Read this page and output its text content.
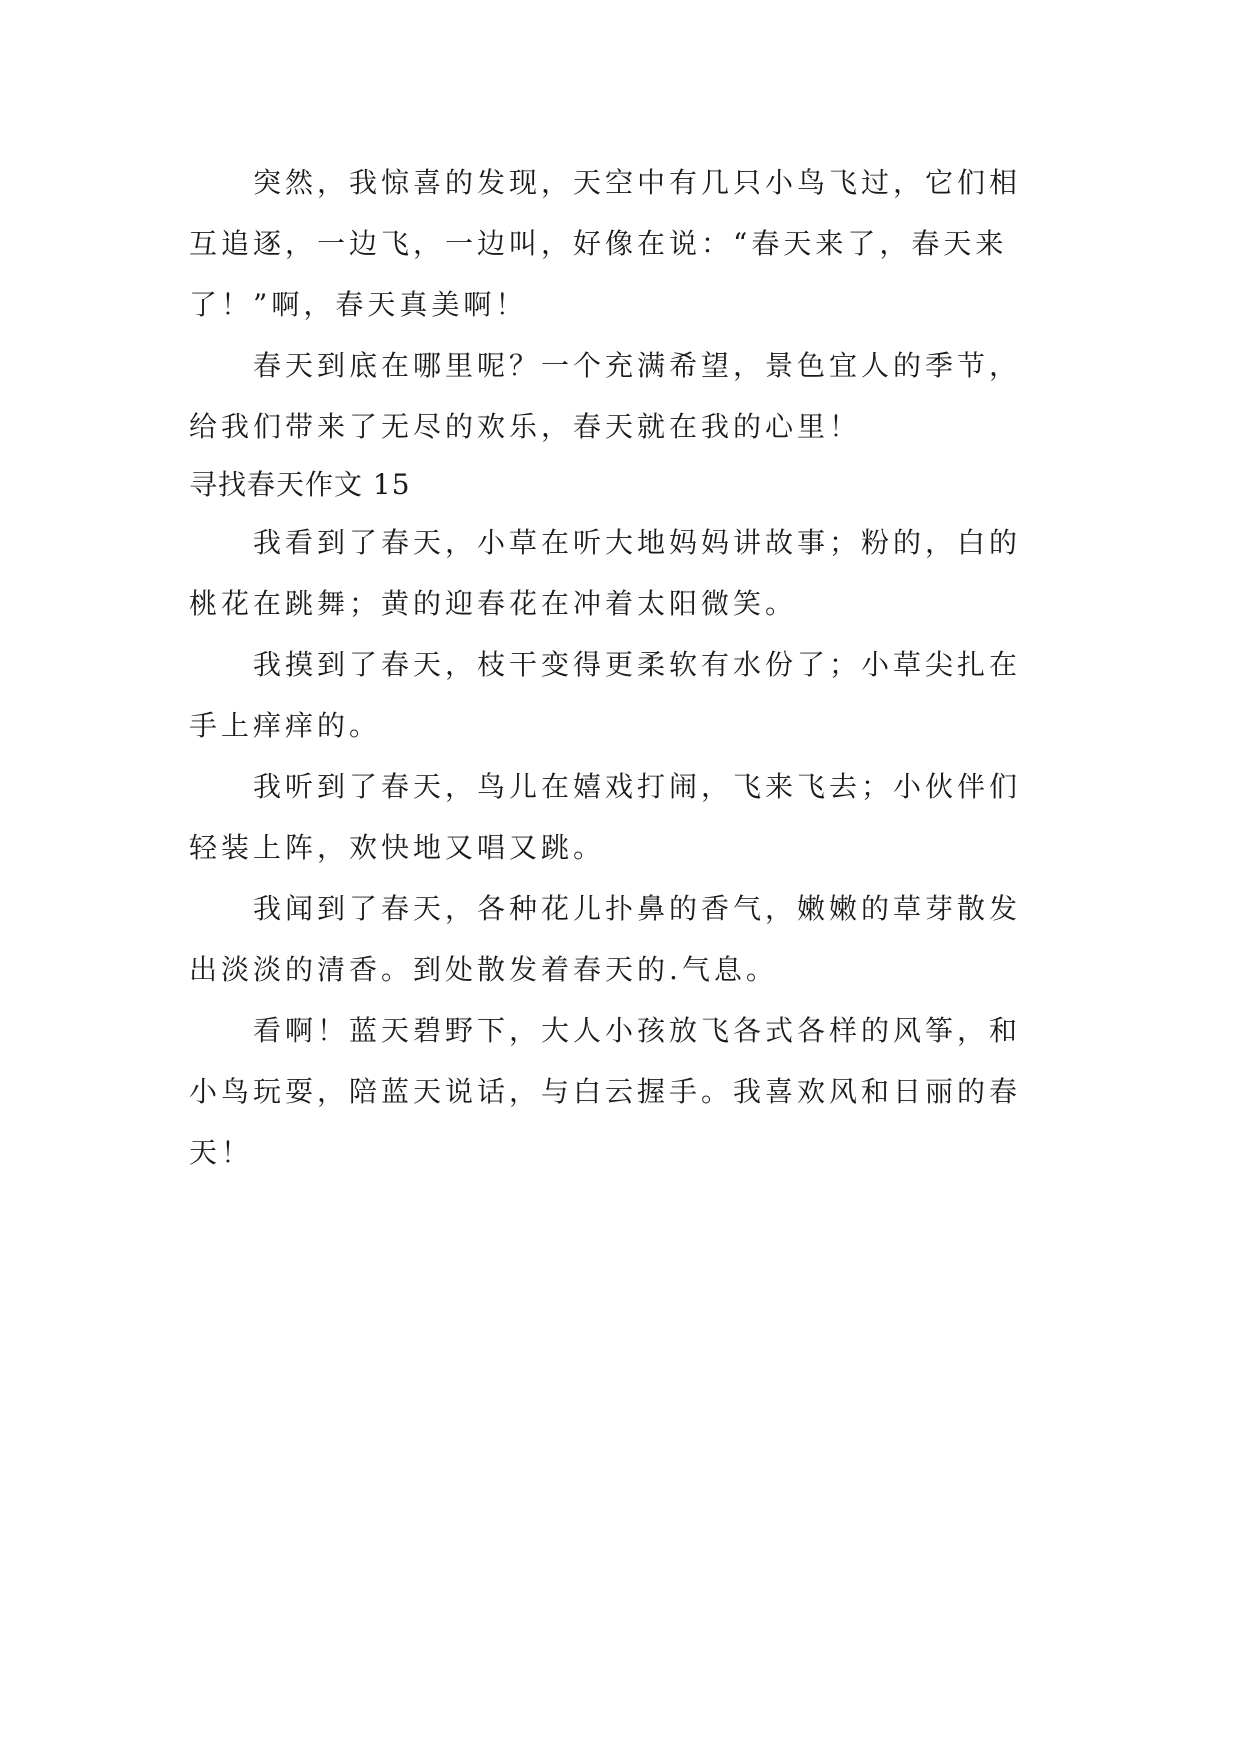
突然，我惊喜的发现，天空中有几只小鸟飞过，它们相
互追逐，一边飞，一边叫，好像在说：“春天来了，春天来
了！”啊，春天真美啊！
春天到底在哪里呢？一个充满希望，景色宜人的季节，
给我们带来了无尽的欢乐，春天就在我的心里！
寻找春天作文 15
我看到了春天，小草在听大地妈妈讲故事；粉的，白的
桃花在跳舞；黄的迎春花在冲着太阳微笑。
我摸到了春天，枝干变得更柔软有水份了；小草尖扎在
手上痒痒的。
我听到了春天，鸟儿在嬉戏打闹，飞来飞去；小伙伴们
轻装上阵，欢快地又唱又跳。
我闻到了春天，各种花儿扑鼻的香气，嫩嫩的草芽散发
出淡淡的清香。到处散发着春天的.气息。
看啊！蓝天碧野下，大人小孩放飞各式各样的风筝，和
小鸟玩耍，陪蓝天说话，与白云握手。我喜欢风和日丽的春
天！
